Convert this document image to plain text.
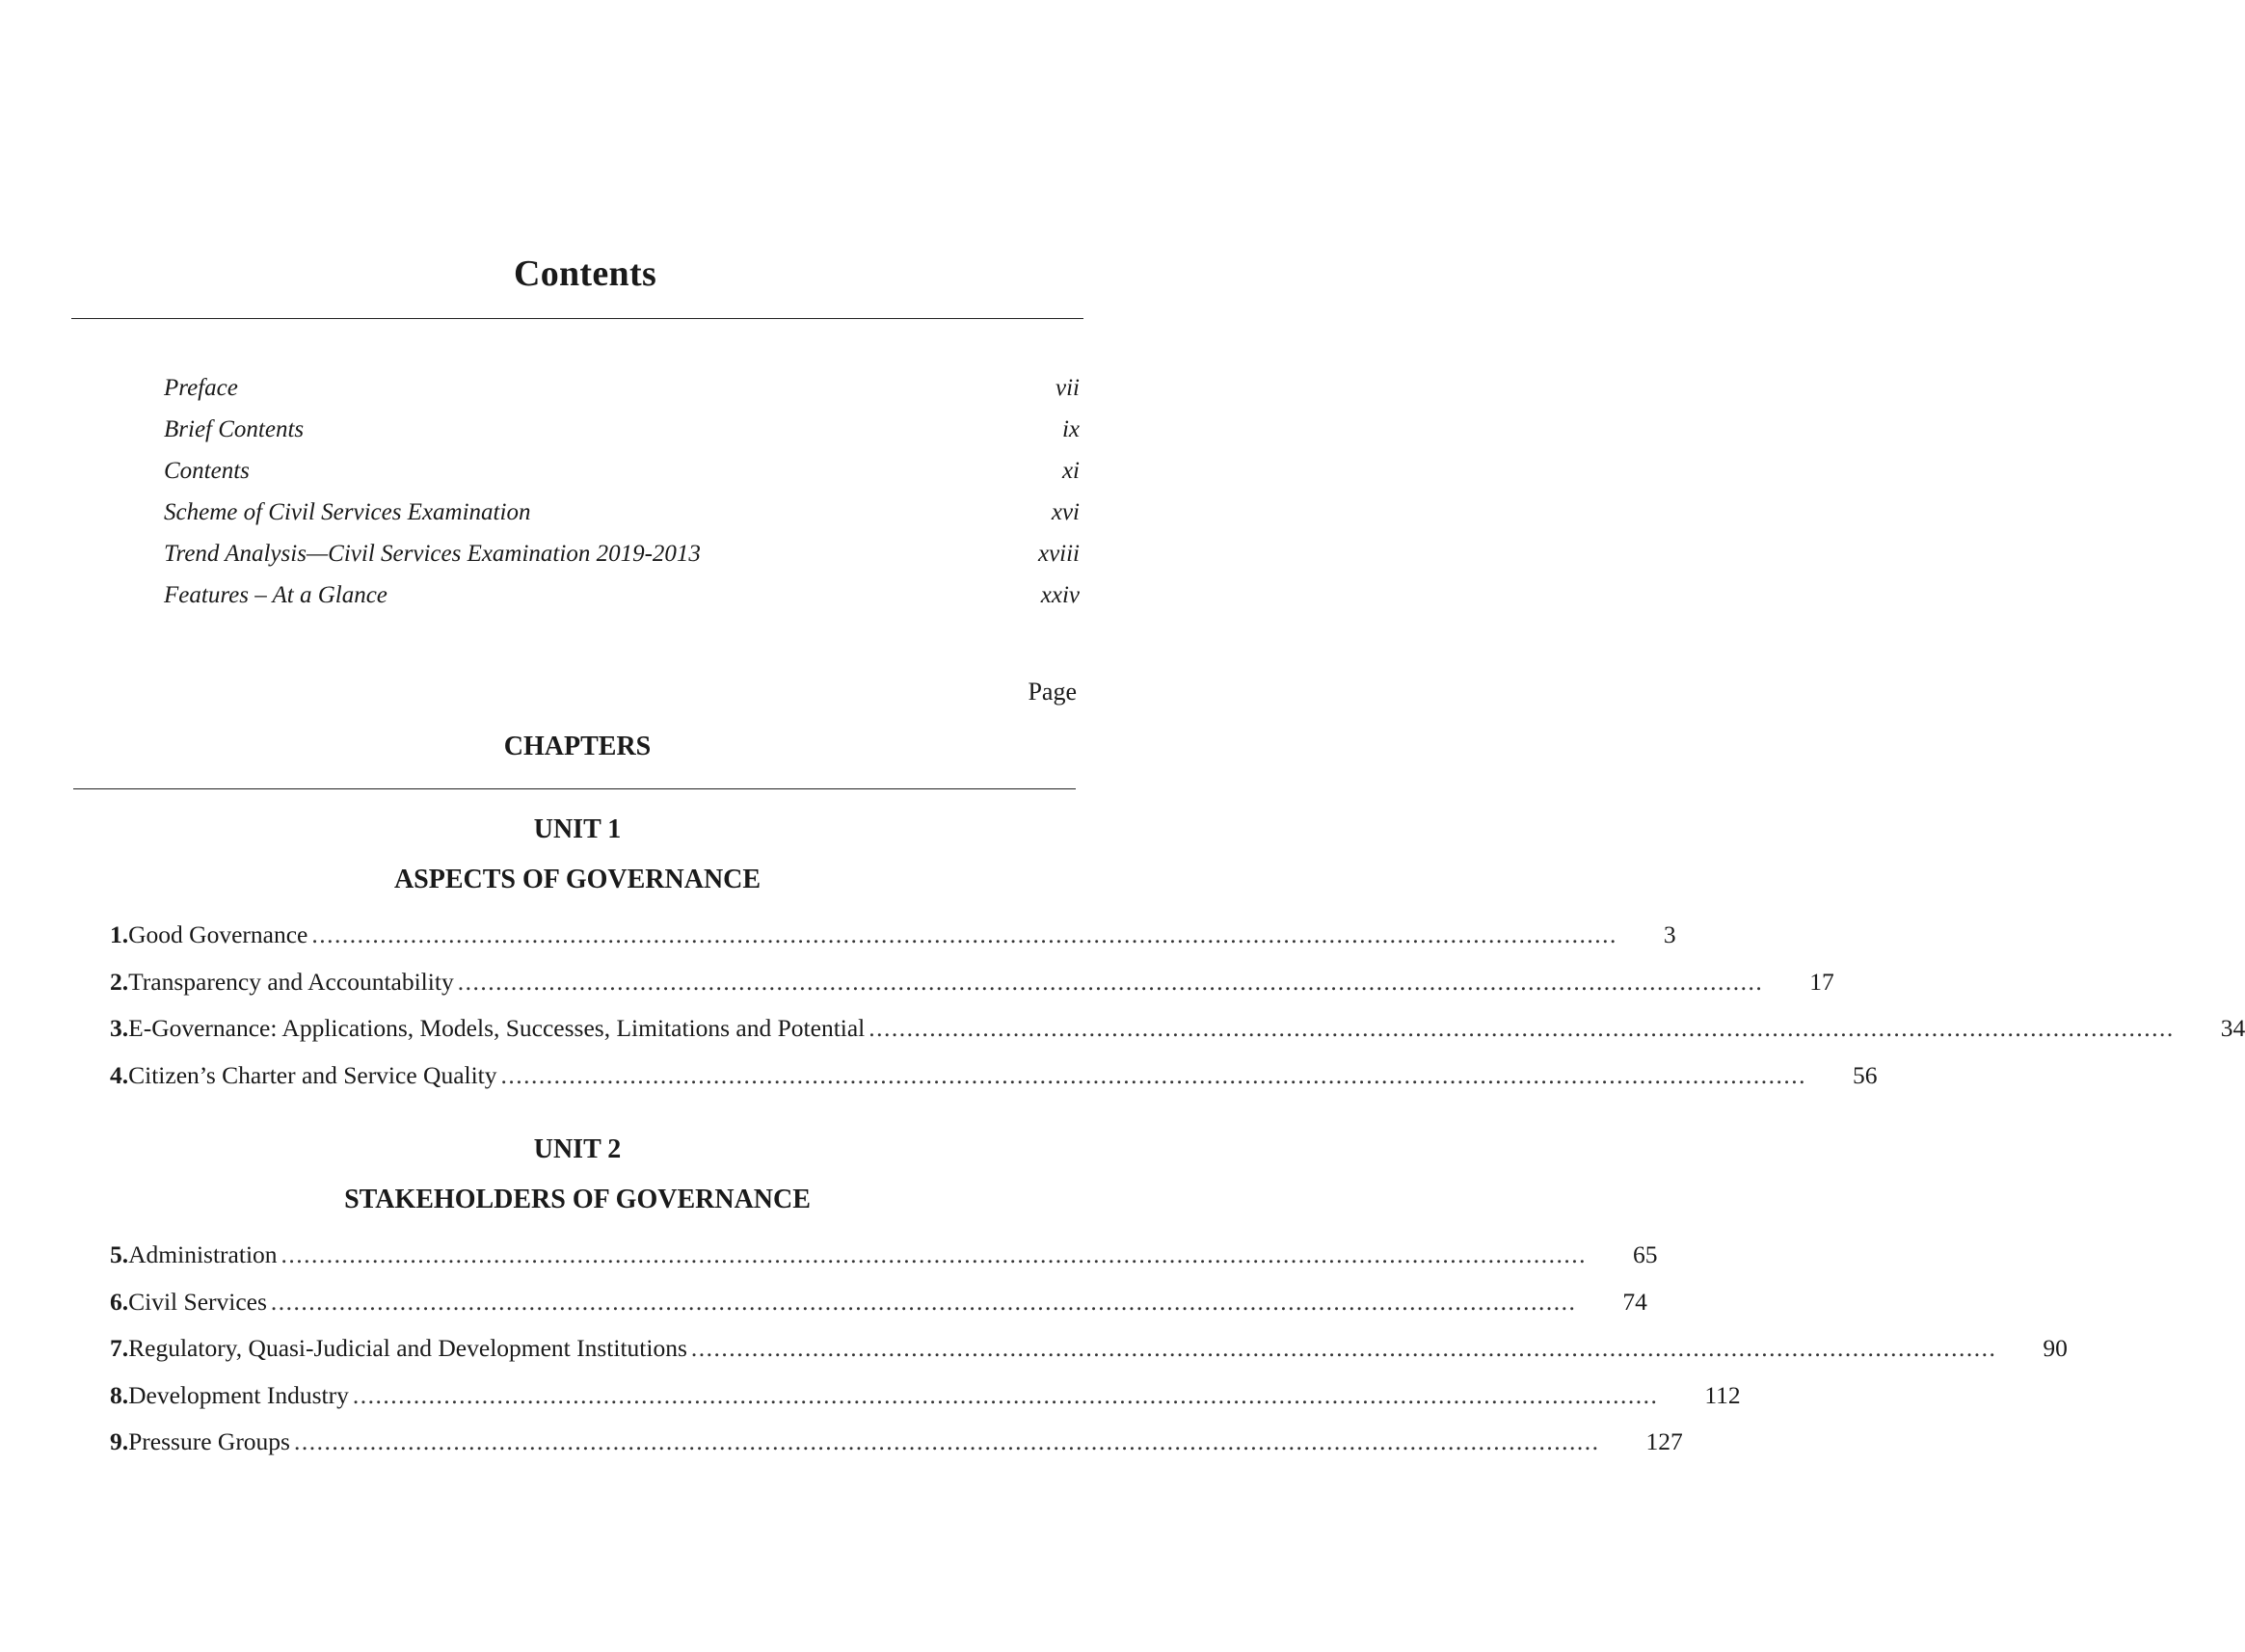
Contents
Preface	vii
Brief Contents	ix
Contents	xi
Scheme of Civil Services Examination	xvi
Trend Analysis—Civil Services Examination 2019-2013	xviii
Features – At a Glance	xxiv
Page
CHAPTERS
UNIT 1
ASPECTS OF GOVERNANCE
1. Good Governance ............................................................................................................................................................................ 3
2. Transparency and Accountability ............................................................................................................................................................................ 17
3. E-Governance: Applications, Models, Successes, Limitations and Potential ............................................................................................................................................................................ 34
4. Citizen’s Charter and Service Quality ............................................................................................................................................................................ 56
UNIT 2
STAKEHOLDERS OF GOVERNANCE
5. Administration ............................................................................................................................................................................ 65
6. Civil Services ............................................................................................................................................................................ 74
7. Regulatory, Quasi-Judicial and Development Institutions ............................................................................................................................................................................ 90
8. Development Industry ............................................................................................................................................................................ 112
9. Pressure Groups ............................................................................................................................................................................ 127
